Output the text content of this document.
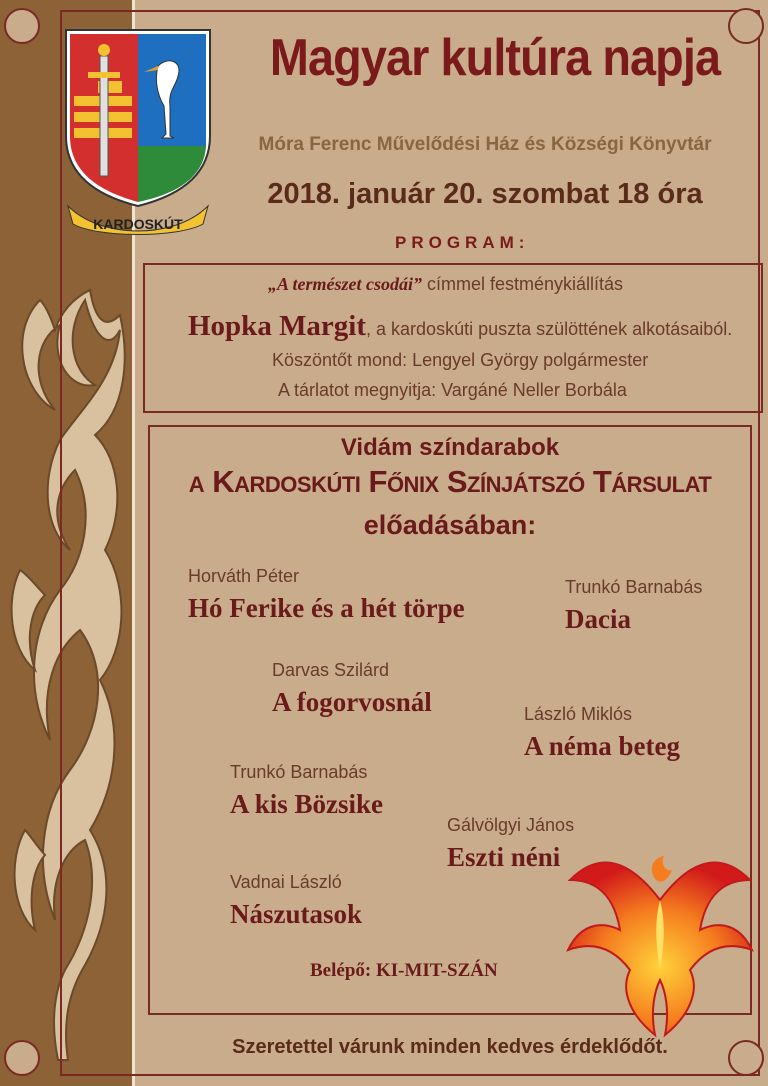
KARDOSKÚT
Magyar kultúra napja
Móra Ferenc Művelődési Ház és Községi Könyvtár
2018. január 20. szombat 18 óra
PROGRAM:
„A természet csodái” címmel festménykiállítás
Hopka Margit, a kardoskúti puszta szülöttének alkotásaiból.
Köszöntőt mond: Lengyel György polgármester
A tárlatot megnyitja: Vargáné Neller Borbála
Vidám színdarabok
a Kardoskúti Főnix Színjátszó Társulat
előadásában:
Horváth Péter
Hó Ferike és a hét törpe
Trunkó Barnabás
Dacia
Darvas Szilárd
A fogorvosnál	László Miklós
A néma beteg
Trunkó Barnabás
A kis Bözsike
Gálvölgyi János
Eszti néni
Vadnai László
Nászutasok
Belépő: KI-MIT-SZÁN
Szeretettel várunk minden kedves érdeklődőt.
